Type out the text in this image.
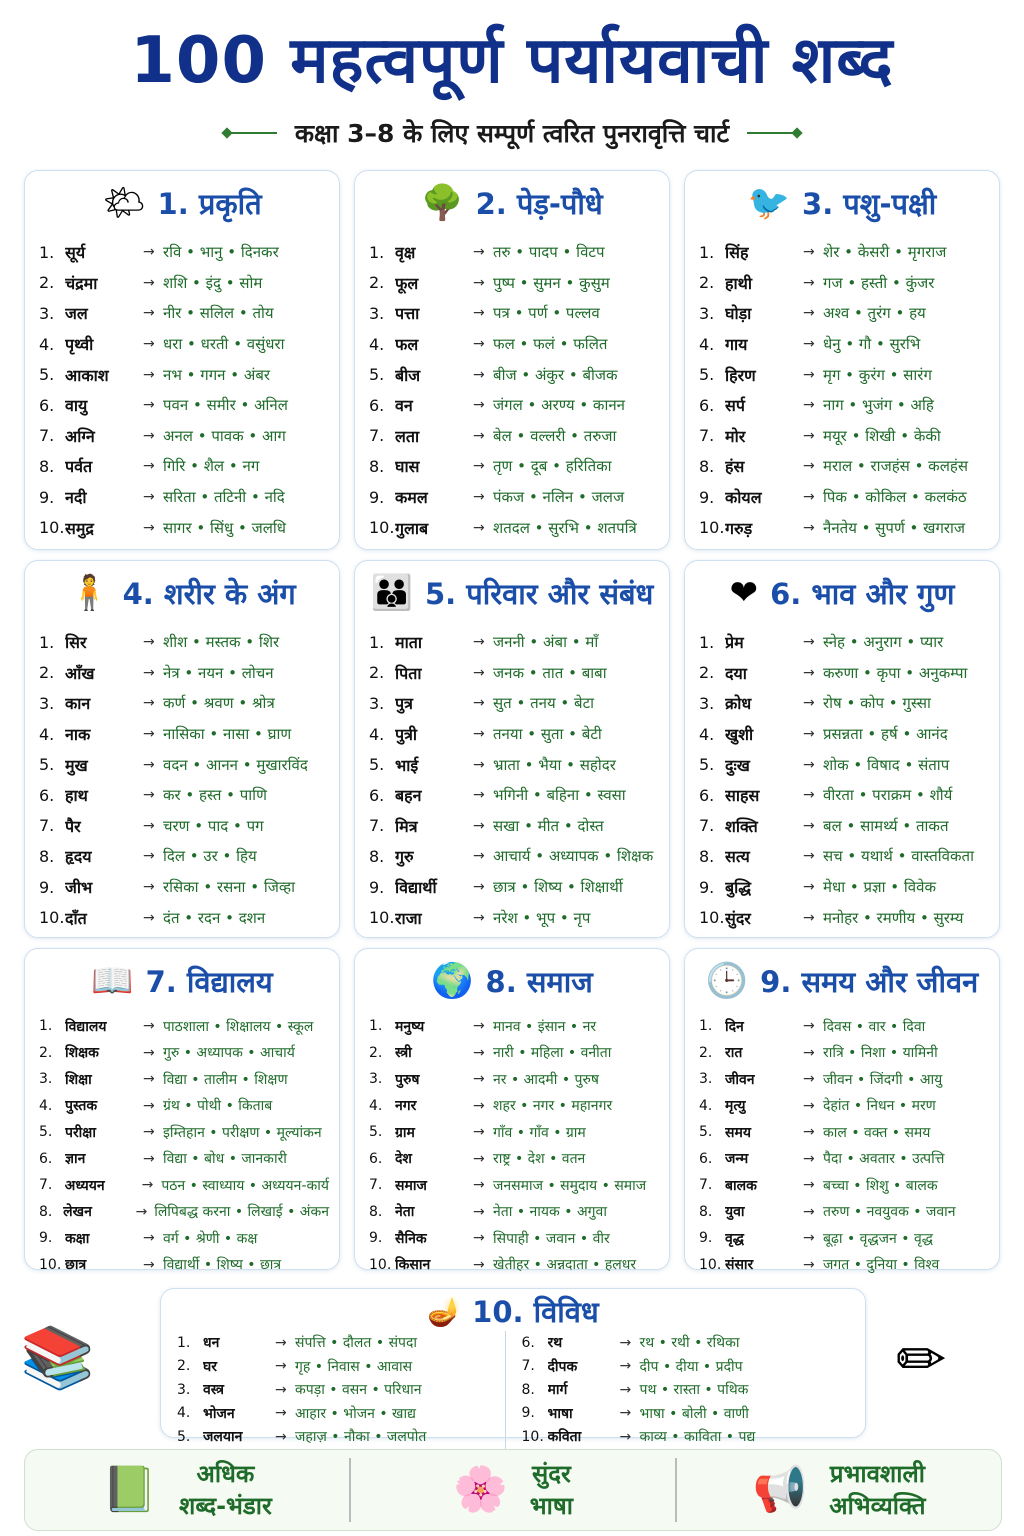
100 महत्वपूर्ण पर्यायवाची शब्द
कक्षा 3–8 के लिए सम्पूर्ण त्वरित पुनरावृत्ति चार्ट
🌤 1. प्रकृति
1. सूर्य	→ रवि • भानु • दिनकर
2. चंद्रमा	→ शशि • इंदु • सोम
3. जल	→ नीर • सलिल • तोय
4. पृथ्वी	→ धरा • धरती • वसुंधरा
5. आकाश	→ नभ • गगन • अंबर
6. वायु	→ पवन • समीर • अनिल
7. अग्नि	→ अनल • पावक • आग
8. पर्वत	→ गिरि • शैल • नग
9. नदी	→ सरिता • तटिनी • नदि
10. समुद्र	→ सागर • सिंधु • जलधि
🌳 2. पेड़-पौधे
1. वृक्ष	→ तरु • पादप • विटप
2. फूल	→ पुष्प • सुमन • कुसुम
3. पत्ता	→ पत्र • पर्ण • पल्लव
4. फल	→ फल • फलं • फलित
5. बीज	→ बीज • अंकुर • बीजक
6. वन	→ जंगल • अरण्य • कानन
7. लता	→ बेल • वल्लरी • तरुजा
8. घास	→ तृण • दूब • हरितिका
9. कमल	→ पंकज • नलिन • जलज
10. गुलाब	→ शतदल • सुरभि • शतपत्रि
🐦 3. पशु-पक्षी
1. सिंह	→ शेर • केसरी • मृगराज
2. हाथी	→ गज • हस्ती • कुंजर
3. घोड़ा	→ अश्व • तुरंग • हय
4. गाय	→ धेनु • गौ • सुरभि
5. हिरण	→ मृग • कुरंग • सारंग
6. सर्प	→ नाग • भुजंग • अहि
7. मोर	→ मयूर • शिखी • केकी
8. हंस	→ मराल • राजहंस • कलहंस
9. कोयल	→ पिक • कोकिल • कलकंठ
10. गरुड़	→ नैनतेय • सुपर्ण • खगराज
🧍 4. शरीर के अंग
1. सिर	→ शीश • मस्तक • शिर
2. आँख	→ नेत्र • नयन • लोचन
3. कान	→ कर्ण • श्रवण • श्रोत्र
4. नाक	→ नासिका • नासा • घ्राण
5. मुख	→ वदन • आनन • मुखारविंद
6. हाथ	→ कर • हस्त • पाणि
7. पैर	→ चरण • पाद • पग
8. हृदय	→ दिल • उर • हिय
9. जीभ	→ रसिका • रसना • जिव्हा
10. दाँत	→ दंत • रदन • दशन
👪 5. परिवार और संबंध
1. माता	→ जननी • अंबा • माँ
2. पिता	→ जनक • तात • बाबा
3. पुत्र	→ सुत • तनय • बेटा
4. पुत्री	→ तनया • सुता • बेटी
5. भाई	→ भ्राता • भैया • सहोदर
6. बहन	→ भगिनी • बहिना • स्वसा
7. मित्र	→ सखा • मीत • दोस्त
8. गुरु	→ आचार्य • अध्यापक • शिक्षक
9. विद्यार्थी	→ छात्र • शिष्य • शिक्षार्थी
10. राजा	→ नरेश • भूप • नृप
❤ 6. भाव और गुण
1. प्रेम	→ स्नेह • अनुराग • प्यार
2. दया	→ करुणा • कृपा • अनुकम्पा
3. क्रोध	→ रोष • कोप • गुस्सा
4. खुशी	→ प्रसन्नता • हर्ष • आनंद
5. दुःख	→ शोक • विषाद • संताप
6. साहस	→ वीरता • पराक्रम • शौर्य
7. शक्ति	→ बल • सामर्थ्य • ताकत
8. सत्य	→ सच • यथार्थ • वास्तविकता
9. बुद्धि	→ मेधा • प्रज्ञा • विवेक
10. सुंदर	→ मनोहर • रमणीय • सुरम्य
📖 7. विद्यालय
1. विद्यालय	→ पाठशाला • शिक्षालय • स्कूल
2. शिक्षक	→ गुरु • अध्यापक • आचार्य
3. शिक्षा	→ विद्या • तालीम • शिक्षण
4. पुस्तक	→ ग्रंथ • पोथी • किताब
5. परीक्षा	→ इम्तिहान • परीक्षण • मूल्यांकन
6. ज्ञान	→ विद्या • बोध • जानकारी
7. अध्ययन	→ पठन • स्वाध्याय • अध्ययन-कार्य
8. लेखन	→ लिपिबद्ध करना • लिखाई • अंकन
9. कक्षा	→ वर्ग • श्रेणी • कक्ष
10. छात्र	→ विद्यार्थी • शिष्य • छात्र
🌍 8. समाज
1. मनुष्य	→ मानव • इंसान • नर
2. स्त्री	→ नारी • महिला • वनीता
3. पुरुष	→ नर • आदमी • पुरुष
4. नगर	→ शहर • नगर • महानगर
5. ग्राम	→ गाँव • गाँव • ग्राम
6. देश	→ राष्ट्र • देश • वतन
7. समाज	→ जनसमाज • समुदाय • समाज
8. नेता	→ नेता • नायक • अगुवा
9. सैनिक	→ सिपाही • जवान • वीर
10. किसान	→ खेतीहर • अन्नदाता • हलधर
🕒 9. समय और जीवन
1. दिन	→ दिवस • वार • दिवा
2. रात	→ रात्रि • निशा • यामिनी
3. जीवन	→ जीवन • जिंदगी • आयु
4. मृत्यु	→ देहांत • निधन • मरण
5. समय	→ काल • वक्त • समय
6. जन्म	→ पैदा • अवतार • उत्पत्ति
7. बालक	→ बच्चा • शिशु • बालक
8. युवा	→ तरुण • नवयुवक • जवान
9. वृद्ध	→ बूढ़ा • वृद्धजन • वृद्ध
10. संसार	→ जगत • दुनिया • विश्व
📚
🪔 10. विविध
1. धन	→ संपत्ति • दौलत • संपदा
2. घर	→ गृह • निवास • आवास
3. वस्त्र	→ कपड़ा • वसन • परिधान
4. भोजन	→ आहार • भोजन • खाद्य
5. जलयान	→ जहाज़ • नौका • जलपोत
6. रथ	→ रथ • रथी • रथिका
7. दीपक	→ दीप • दीया • प्रदीप
8. मार्ग	→ पथ • रास्ता • पथिक
9. भाषा	→ भाषा • बोली • वाणी
10. कविता	→ काव्य • काविता • पद्य
✏
📗	अधिक
शब्द-भंडार	🌸 सुंदर
भाषा	📢 प्रभावशाली
अभिव्यक्ति
